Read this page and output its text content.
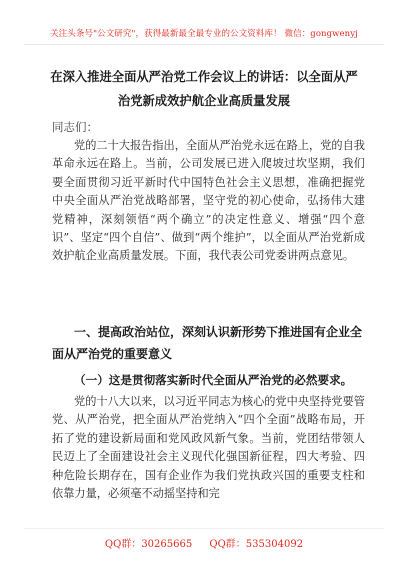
关注头条号"公文研究"，获得最新最全最专业的公文资料库！ 微信：gongwenyj
在深入推进全面从严治党工作会议上的讲话：以全面从严治党新成效护航企业高质量发展
同志们：

党的二十大报告指出，全面从严治党永远在路上，党的自我革命永远在路上。当前，公司发展已进入爬坡过坎坚期，我们要全面贯彻习近平新时代中国特色社会主义思想，准确把握党中央全面从严治党战略部署，坚守党的初心使命，弘扬伟大建党精神，深刻领悟“两个确立”的决定性意义、增强“四个意识”、坚定“四个自信”、做到“两个维护”，以全面从严治党新成效护航企业高质量发展。下面，我代表公司党委讲两点意见。

一、提高政治站位，深刻认识新形势下推进国有企业全面从严治党的重要意义

（一）这是贯彻落实新时代全面从严治党的必然要求。

党的十八大以来，以习近平同志为核心的党中央坚持党要管党、从严治党，把全面从严治党纳入“四个全面”战略布局，开拓了党的建设新局面和党风政风新气象。当前，党团结带领人民迈上了全面建设社会主义现代化强国新征程，四大考验、四种危险长期存在，国有企业作为我们党执政兴国的重要支柱和依靠力量，必须毫不动摇坚持和完

QQ群：30265665 QQ群：535304092
